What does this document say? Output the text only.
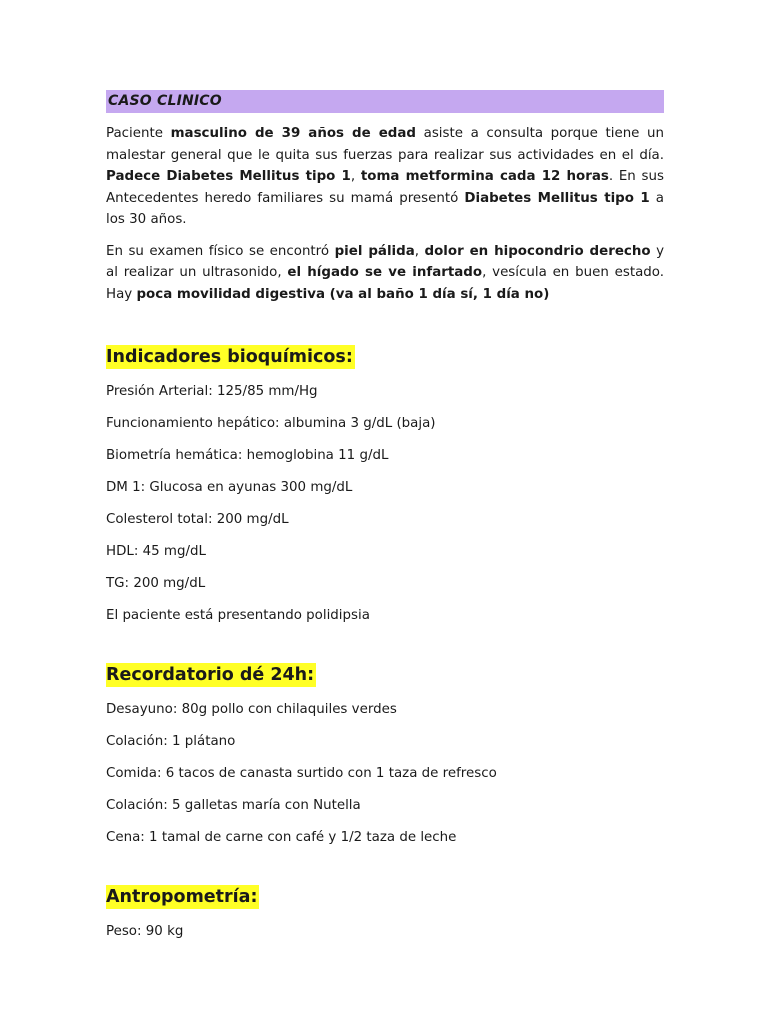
CASO CLINICO

Paciente masculino de 39 años de edad asiste a consulta porque tiene un malestar general que le quita sus fuerzas para realizar sus actividades en el día. Padece Diabetes Mellitus tipo 1, toma metformina cada 12 horas. En sus Antecedentes heredo familiares su mamá presentó Diabetes Mellitus tipo 1 a los 30 años.

En su examen físico se encontró piel pálida, dolor en hipocondrio derecho y al realizar un ultrasonido, el hígado se ve infartado, vesícula en buen estado. Hay poca movilidad digestiva (va al baño 1 día sí, 1 día no)

Indicadores bioquímicos:

Presión Arterial: 125/85 mm/Hg

Funcionamiento hepático: albumina 3 g/dL (baja)

Biometría hemática: hemoglobina 11 g/dL

DM 1: Glucosa en ayunas 300 mg/dL

Colesterol total: 200 mg/dL

HDL: 45 mg/dL

TG: 200 mg/dL

El paciente está presentando polidipsia

Recordatorio dé 24h:

Desayuno: 80g pollo con chilaquiles verdes

Colación: 1 plátano

Comida: 6 tacos de canasta surtido con 1 taza de refresco

Colación: 5 galletas maría con Nutella

Cena: 1 tamal de carne con café y 1/2 taza de leche

Antropometría:

Peso: 90 kg
